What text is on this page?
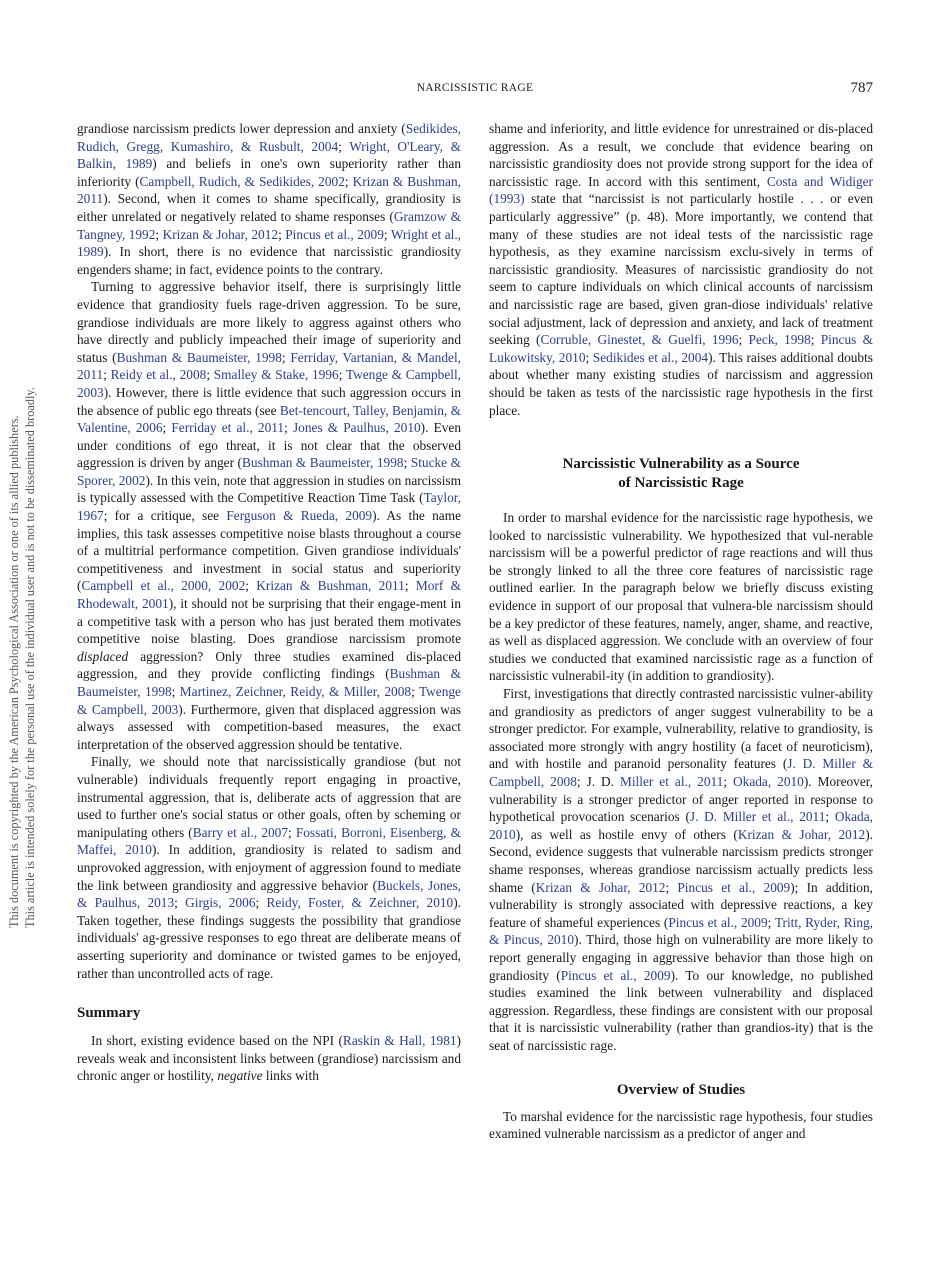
NARCISSISTIC RAGE	787
This document is copyrighted by the American Psychological Association or one of its allied publishers. This article is intended solely for the personal use of the individual user and is not to be disseminated broadly.

grandiose narcissism predicts lower depression and anxiety (Sedikides, Rudich, Gregg, Kumashiro, & Rusbult, 2004; Wright, O'Leary, & Balkin, 1989) and beliefs in one's own superiority rather than inferiority (Campbell, Rudich, & Sedikides, 2002; Krizan & Bushman, 2011). Second, when it comes to shame specifically, grandiosity is either unrelated or negatively related to shame responses (Gramzow & Tangney, 1992; Krizan & Johar, 2012; Pincus et al., 2009; Wright et al., 1989). In short, there is no evidence that narcissistic grandiosity engenders shame; in fact, evidence points to the contrary.

Turning to aggressive behavior itself, there is surprisingly little evidence that grandiosity fuels rage-driven aggression. To be sure, grandiose individuals are more likely to aggress against others who have directly and publicly impeached their image of superiority and status (Bushman & Baumeister, 1998; Ferriday, Vartanian, & Mandel, 2011; Reidy et al., 2008; Smalley & Stake, 1996; Twenge & Campbell, 2003). However, there is little evidence that such aggression occurs in the absence of public ego threats (see Bet-tencourt, Talley, Benjamin, & Valentine, 2006; Ferriday et al., 2011; Jones & Paulhus, 2010). Even under conditions of ego threat, it is not clear that the observed aggression is driven by anger (Bushman & Baumeister, 1998; Stucke & Sporer, 2002). In this vein, note that aggression in studies on narcissism is typically assessed with the Competitive Reaction Time Task (Taylor, 1967; for a critique, see Ferguson & Rueda, 2009). As the name implies, this task assesses competitive noise blasts throughout a course of a multitrial performance competition. Given grandiose individuals' competitiveness and investment in social status and superiority (Campbell et al., 2000, 2002; Krizan & Bushman, 2011; Morf & Rhodewalt, 2001), it should not be surprising that their engage-ment in a competitive task with a person who has just berated them motivates competitive noise blasting. Does grandiose narcissism promote displaced aggression? Only three studies examined dis-placed aggression, and they provide conflicting findings (Bushman & Baumeister, 1998; Martinez, Zeichner, Reidy, & Miller, 2008; Twenge & Campbell, 2003). Furthermore, given that displaced aggression was always assessed with competition-based measures, the exact interpretation of the observed aggression should be tentative.

Finally, we should note that narcissistically grandiose (but not vulnerable) individuals frequently report engaging in proactive, instrumental aggression, that is, deliberate acts of aggression that are used to further one's social status or other goals, often by scheming or manipulating others (Barry et al., 2007; Fossati, Borroni, Eisenberg, & Maffei, 2010). In addition, grandiosity is related to sadism and unprovoked aggression, with enjoyment of aggression found to mediate the link between grandiosity and aggressive behavior (Buckels, Jones, & Paulhus, 2013; Girgis, 2006; Reidy, Foster, & Zeichner, 2010). Taken together, these findings suggests the possibility that grandiose individuals' ag-gressive responses to ego threat are deliberate means of asserting superiority and dominance or twisted games to be enjoyed, rather than uncontrolled acts of rage.

Summary

In short, existing evidence based on the NPI (Raskin & Hall, 1981) reveals weak and inconsistent links between (grandiose) narcissism and chronic anger or hostility, negative links with

shame and inferiority, and little evidence for unrestrained or dis-placed aggression. As a result, we conclude that evidence bearing on narcissistic grandiosity does not provide strong support for the idea of narcissistic rage. In accord with this sentiment, Costa and Widiger (1993) state that “narcissist is not particularly hostile . . . or even particularly aggressive” (p. 48). More importantly, we contend that many of these studies are not ideal tests of the narcissistic rage hypothesis, as they examine narcissism exclu-sively in terms of narcissistic grandiosity. Measures of narcissistic grandiosity do not seem to capture individuals on which clinical accounts of narcissism and narcissistic rage are based, given gran-diose individuals' relative social adjustment, lack of depression and anxiety, and lack of treatment seeking (Corruble, Ginestet, & Guelfi, 1996; Peck, 1998; Pincus & Lukowitsky, 2010; Sedikides et al., 2004). This raises additional doubts about whether many existing studies of narcissism and aggression should be taken as tests of the narcissistic rage hypothesis in the first place.

Narcissistic Vulnerability as a Source
of Narcissistic Rage

In order to marshal evidence for the narcissistic rage hypothesis, we looked to narcissistic vulnerability. We hypothesized that vul-nerable narcissism will be a powerful predictor of rage reactions and will thus be strongly linked to all the three core features of narcissistic rage outlined earlier. In the paragraph below we briefly discuss existing evidence in support of our proposal that vulnera-ble narcissism should be a key predictor of these features, namely, anger, shame, and reactive, as well as displaced aggression. We conclude with an overview of four studies we conducted that examined narcissistic rage as a function of narcissistic vulnerabil-ity (in addition to grandiosity).

First, investigations that directly contrasted narcissistic vulner-ability and grandiosity as predictors of anger suggest vulnerability to be a stronger predictor. For example, vulnerability, relative to grandiosity, is associated more strongly with angry hostility (a facet of neuroticism), and with hostile and paranoid personality features (J. D. Miller & Campbell, 2008; J. D. Miller et al., 2011; Okada, 2010). Moreover, vulnerability is a stronger predictor of anger reported in response to hypothetical provocation scenarios (J. D. Miller et al., 2011; Okada, 2010), as well as hostile envy of others (Krizan & Johar, 2012). Second, evidence suggests that vulnerable narcissism predicts stronger shame responses, whereas grandiose narcissism actually predicts less shame (Krizan & Johar, 2012; Pincus et al., 2009); In addition, vulnerability is strongly associated with depressive reactions, a key feature of shameful experiences (Pincus et al., 2009; Tritt, Ryder, Ring, & Pincus, 2010). Third, those high on vulnerability are more likely to report generally engaging in aggressive behavior than those high on grandiosity (Pincus et al., 2009). To our knowledge, no published studies examined the link between vulnerability and displaced aggression. Regardless, these findings are consistent with our proposal that it is narcissistic vulnerability (rather than grandios-ity) that is the seat of narcissistic rage.

Overview of Studies

To marshal evidence for the narcissistic rage hypothesis, four studies examined vulnerable narcissism as a predictor of anger and
